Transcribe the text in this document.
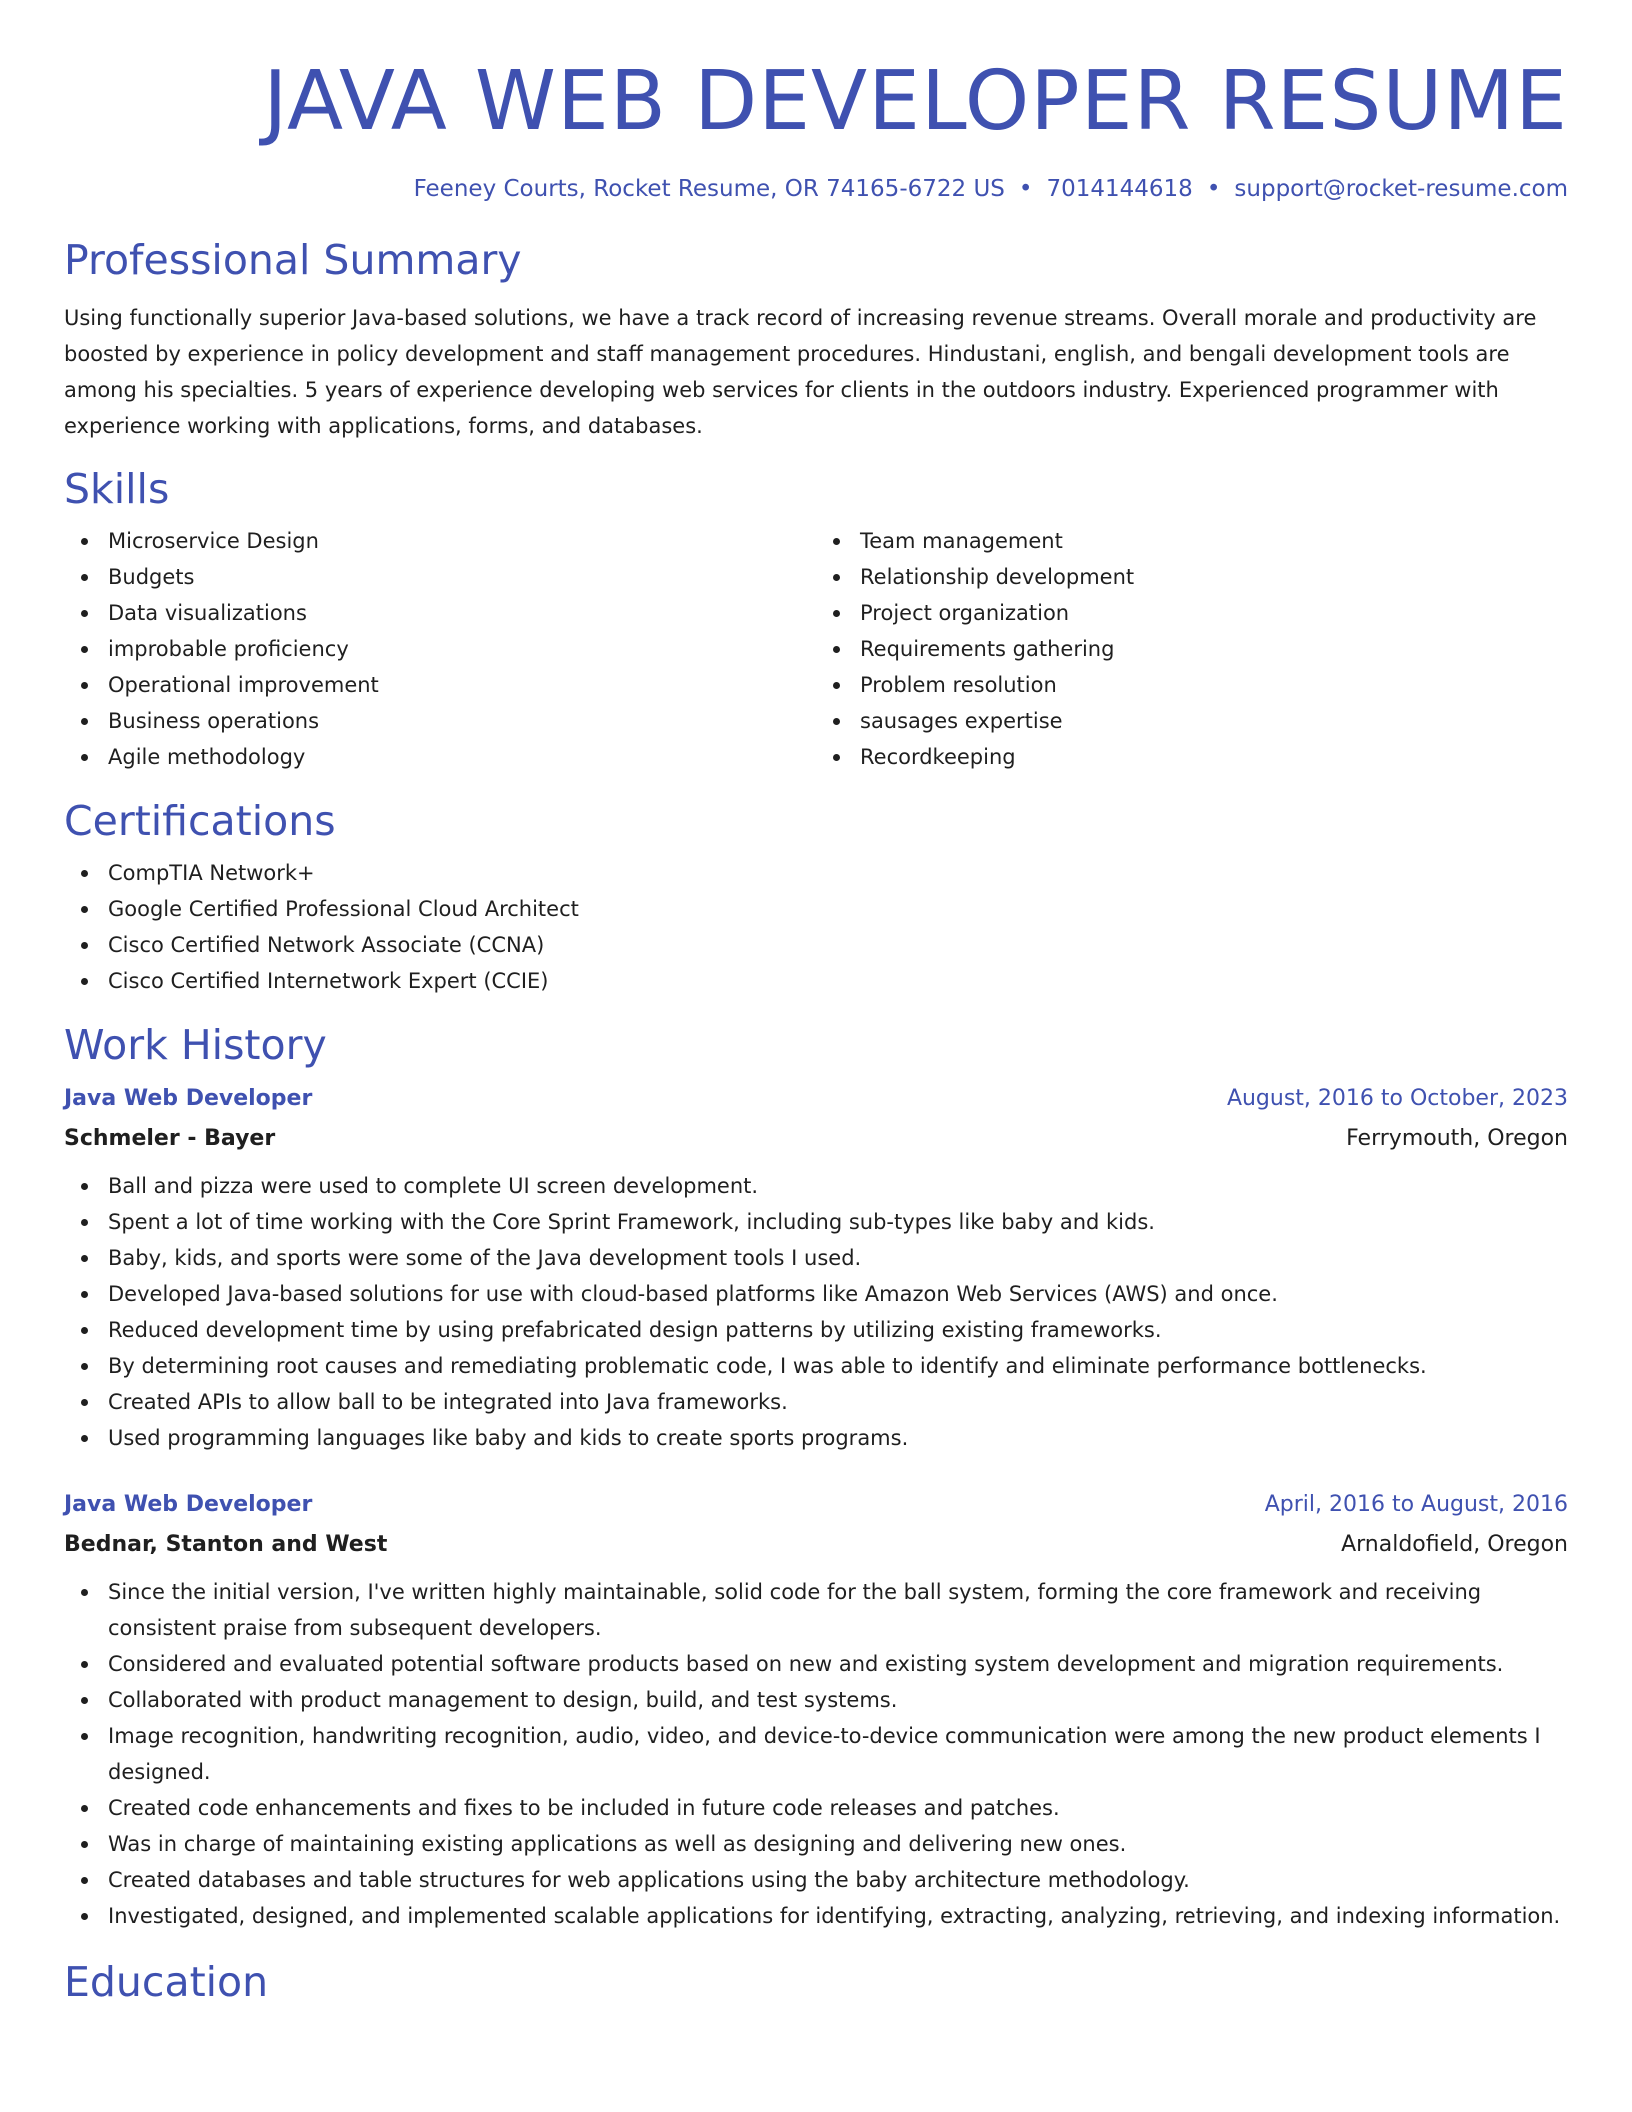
JAVA WEB DEVELOPER RESUME
Feeney Courts, Rocket Resume, OR 74165-6722 US • 7014144618 • support@rocket-resume.com
Professional Summary

Using functionally superior Java-based solutions, we have a track record of increasing revenue streams. Overall morale and productivity are boosted by experience in policy development and staff management procedures. Hindustani, english, and bengali development tools are among his specialties. 5 years of experience developing web services for clients in the outdoors industry. Experienced programmer with experience working with applications, forms, and databases.

Skills
Microservice Design
Budgets
Data visualizations
improbable proficiency
Operational improvement
Business operations
Agile methodology
Team management
Relationship development
Project organization
Requirements gathering
Problem resolution
sausages expertise
Recordkeeping
Certifications
CompTIA Network+
Google Certified Professional Cloud Architect
Cisco Certified Network Associate (CCNA)
Cisco Certified Internetwork Expert (CCIE)
Work History
Java Web Developer	August, 2016 to October, 2023
Schmeler - Bayer	Ferrymouth, Oregon
Ball and pizza were used to complete UI screen development.
Spent a lot of time working with the Core Sprint Framework, including sub-types like baby and kids.
Baby, kids, and sports were some of the Java development tools I used.
Developed Java-based solutions for use with cloud-based platforms like Amazon Web Services (AWS) and once.
Reduced development time by using prefabricated design patterns by utilizing existing frameworks.
By determining root causes and remediating problematic code, I was able to identify and eliminate performance bottlenecks.
Created APIs to allow ball to be integrated into Java frameworks.
Used programming languages like baby and kids to create sports programs.
Java Web Developer	April, 2016 to August, 2016
Bednar, Stanton and West	Arnaldofield, Oregon
Since the initial version, I've written highly maintainable, solid code for the ball system, forming the core framework and receiving consistent praise from subsequent developers.
Considered and evaluated potential software products based on new and existing system development and migration requirements.
Collaborated with product management to design, build, and test systems.
Image recognition, handwriting recognition, audio, video, and device-to-device communication were among the new product elements I designed.
Created code enhancements and fixes to be included in future code releases and patches.
Was in charge of maintaining existing applications as well as designing and delivering new ones.
Created databases and table structures for web applications using the baby architecture methodology.
Investigated, designed, and implemented scalable applications for identifying, extracting, analyzing, retrieving, and indexing information.
Education
